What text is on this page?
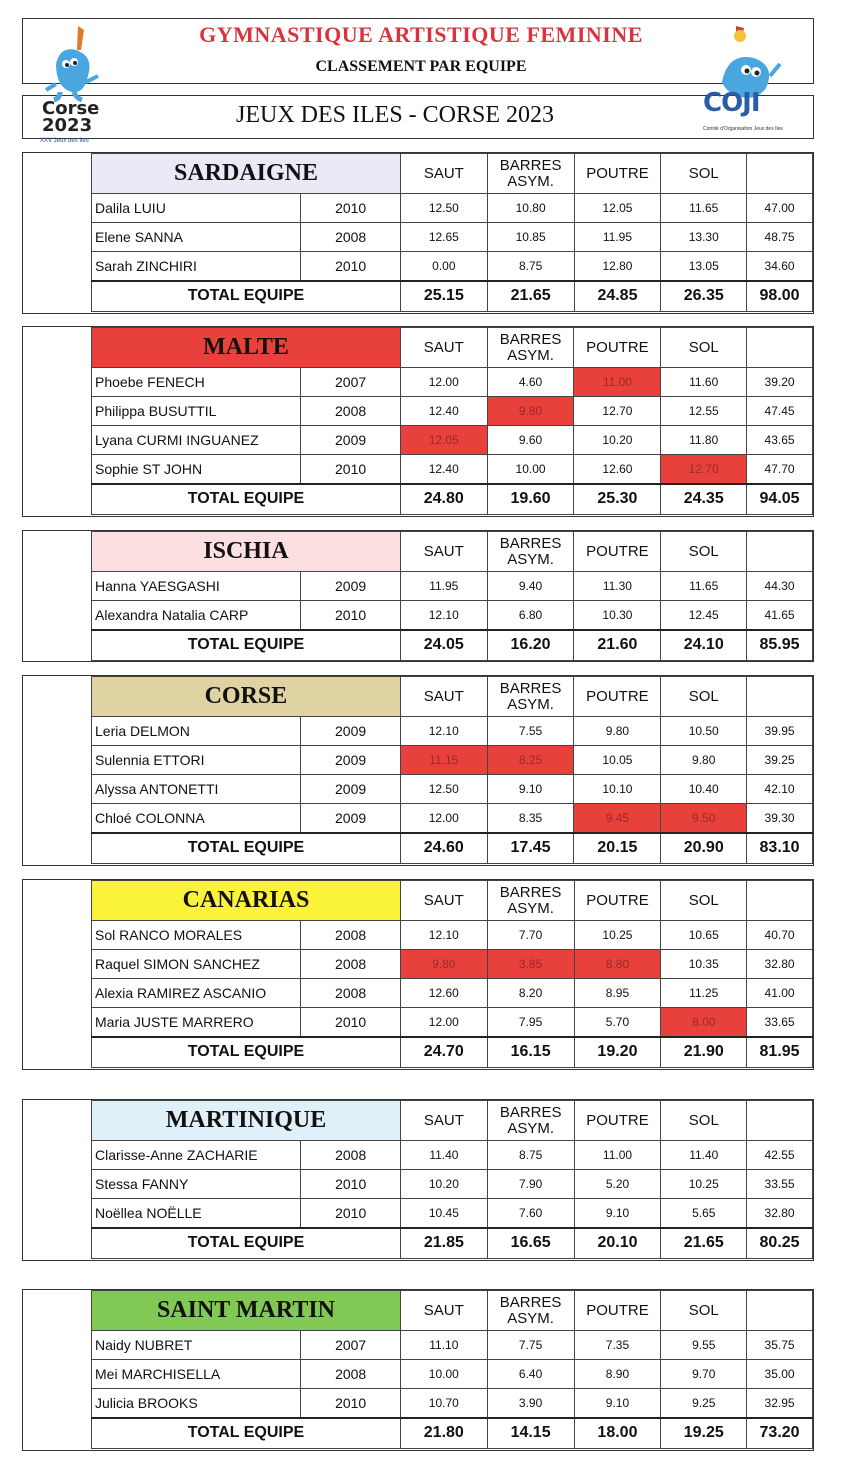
GYMNASTIQUE ARTISTIQUE FEMININE
CLASSEMENT PAR EQUIPE
JEUX DES ILES - CORSE 2023
Corse
2023
XXV Jeux des Iles
COJI
Comité d'Organisation Jeux des Iles
SARDAIGNE		SAUT	BARRES
ASYM.	POUTRE	SOL	
Dalila LUIU	2010	12.50	10.80	12.05	11.65	47.00
Elene SANNA	2008	12.65	10.85	11.95	13.30	48.75
Sarah ZINCHIRI	2010	0.00	8.75	12.80	13.05	34.60
TOTAL EQUIPE		25.15	21.65	24.85	26.35	98.00
MALTE		SAUT	BARRES
ASYM.	POUTRE	SOL	
Phoebe FENECH	2007	12.00	4.60	11.00	11.60	39.20
Philippa BUSUTTIL	2008	12.40	9.80	12.70	12.55	47.45
Lyana CURMI INGUANEZ	2009	12.05	9.60	10.20	11.80	43.65
Sophie ST JOHN	2010	12.40	10.00	12.60	12.70	47.70
TOTAL EQUIPE		24.80	19.60	25.30	24.35	94.05
ISCHIA		SAUT	BARRES
ASYM.	POUTRE	SOL	
Hanna YAESGASHI	2009	11.95	9.40	11.30	11.65	44.30
Alexandra Natalia CARP	2010	12.10	6.80	10.30	12.45	41.65
TOTAL EQUIPE		24.05	16.20	21.60	24.10	85.95
CORSE		SAUT	BARRES
ASYM.	POUTRE	SOL	
Leria DELMON	2009	12.10	7.55	9.80	10.50	39.95
Sulennia ETTORI	2009	11.15	8.25	10.05	9.80	39.25
Alyssa ANTONETTI	2009	12.50	9.10	10.10	10.40	42.10
Chloé COLONNA	2009	12.00	8.35	9.45	9.50	39.30
TOTAL EQUIPE		24.60	17.45	20.15	20.90	83.10
CANARIAS		SAUT	BARRES
ASYM.	POUTRE	SOL	
Sol RANCO MORALES	2008	12.10	7.70	10.25	10.65	40.70
Raquel SIMON SANCHEZ	2008	9.80	3.85	8.80	10.35	32.80
Alexia RAMIREZ ASCANIO	2008	12.60	8.20	8.95	11.25	41.00
Maria JUSTE MARRERO	2010	12.00	7.95	5.70	8.00	33.65
TOTAL EQUIPE		24.70	16.15	19.20	21.90	81.95
MARTINIQUE		SAUT	BARRES
ASYM.	POUTRE	SOL	
Clarisse-Anne ZACHARIE	2008	11.40	8.75	11.00	11.40	42.55
Stessa FANNY	2010	10.20	7.90	5.20	10.25	33.55
Noëllea NOËLLE	2010	10.45	7.60	9.10	5.65	32.80
TOTAL EQUIPE		21.85	16.65	20.10	21.65	80.25
SAINT MARTIN		SAUT	BARRES
ASYM.	POUTRE	SOL	
Naidy NUBRET	2007	11.10	7.75	7.35	9.55	35.75
Mei MARCHISELLA	2008	10.00	6.40	8.90	9.70	35.00
Julicia BROOKS	2010	10.70	3.90	9.10	9.25	32.95
TOTAL EQUIPE		21.80	14.15	18.00	19.25	73.20
